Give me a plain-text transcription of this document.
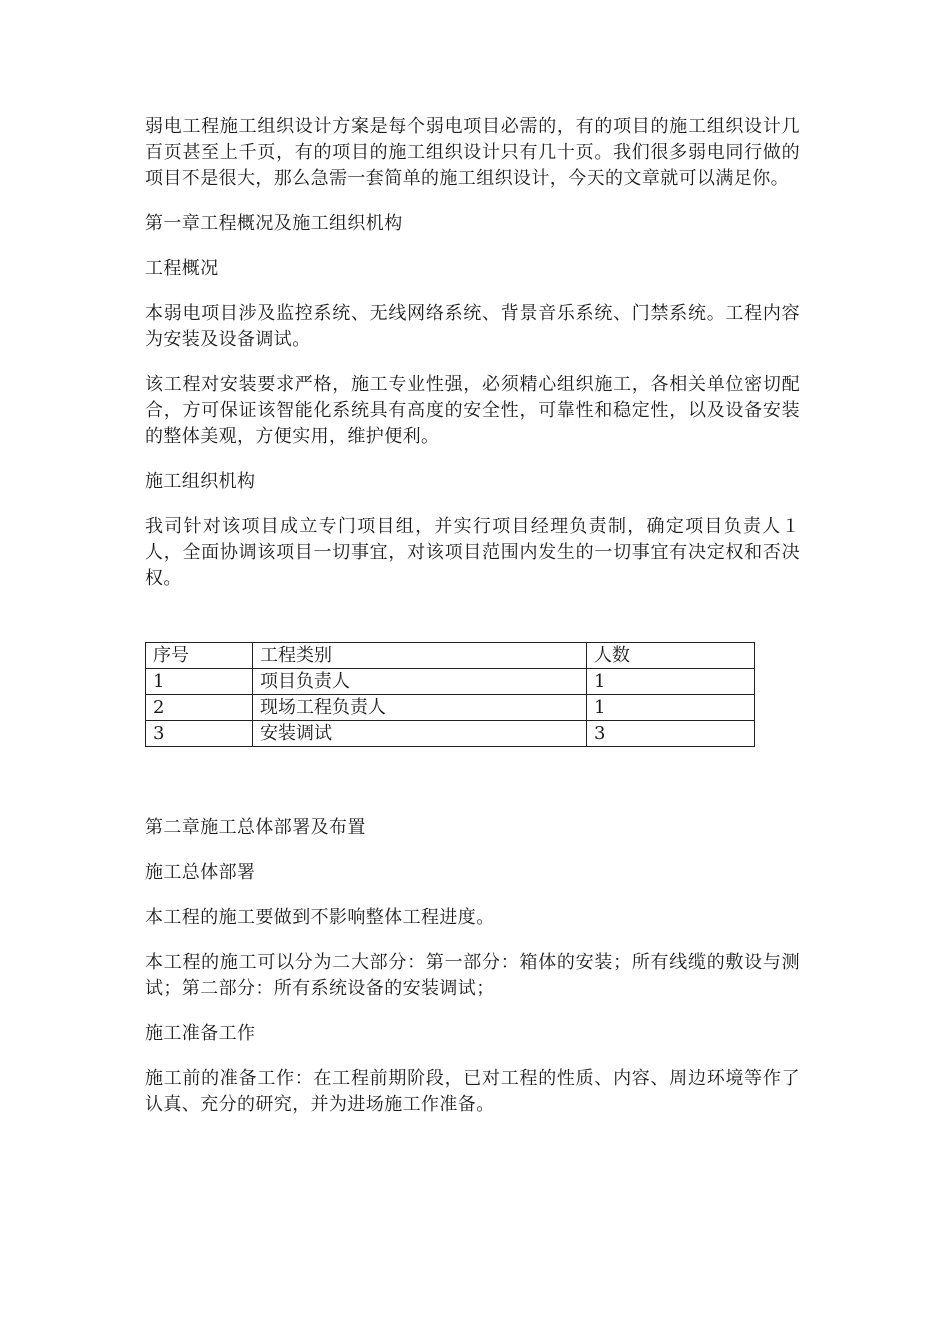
弱电工程施工组织设计方案是每个弱电项目必需的，有的项目的施工组织设计几百页甚至上千页，有的项目的施工组织设计只有几十页。我们很多弱电同行做的项目不是很大，那么急需一套简单的施工组织设计，今天的文章就可以满足你。

第一章工程概况及施工组织机构

工程概况

本弱电项目涉及监控系统、无线网络系统、背景音乐系统、门禁系统。工程内容为安装及设备调试。

该工程对安装要求严格，施工专业性强，必须精心组织施工，各相关单位密切配合，方可保证该智能化系统具有高度的安全性，可靠性和稳定性，以及设备安装的整体美观，方便实用，维护便利。

施工组织机构

我司针对该项目成立专门项目组，并实行项目经理负责制，确定项目负责人１人，全面协调该项目一切事宜，对该项目范围内发生的一切事宜有决定权和否决权。

序号	工程类别	人数
1	项目负责人	1
2	现场工程负责人	1
3	安装调试	3

第二章施工总体部署及布置

施工总体部署

本工程的施工要做到不影响整体工程进度。

本工程的施工可以分为二大部分：第一部分：箱体的安装；所有线缆的敷设与测试；第二部分：所有系统设备的安装调试；

施工准备工作

施工前的准备工作：在工程前期阶段，已对工程的性质、内容、周边环境等作了认真、充分的研究，并为进场施工作准备。
